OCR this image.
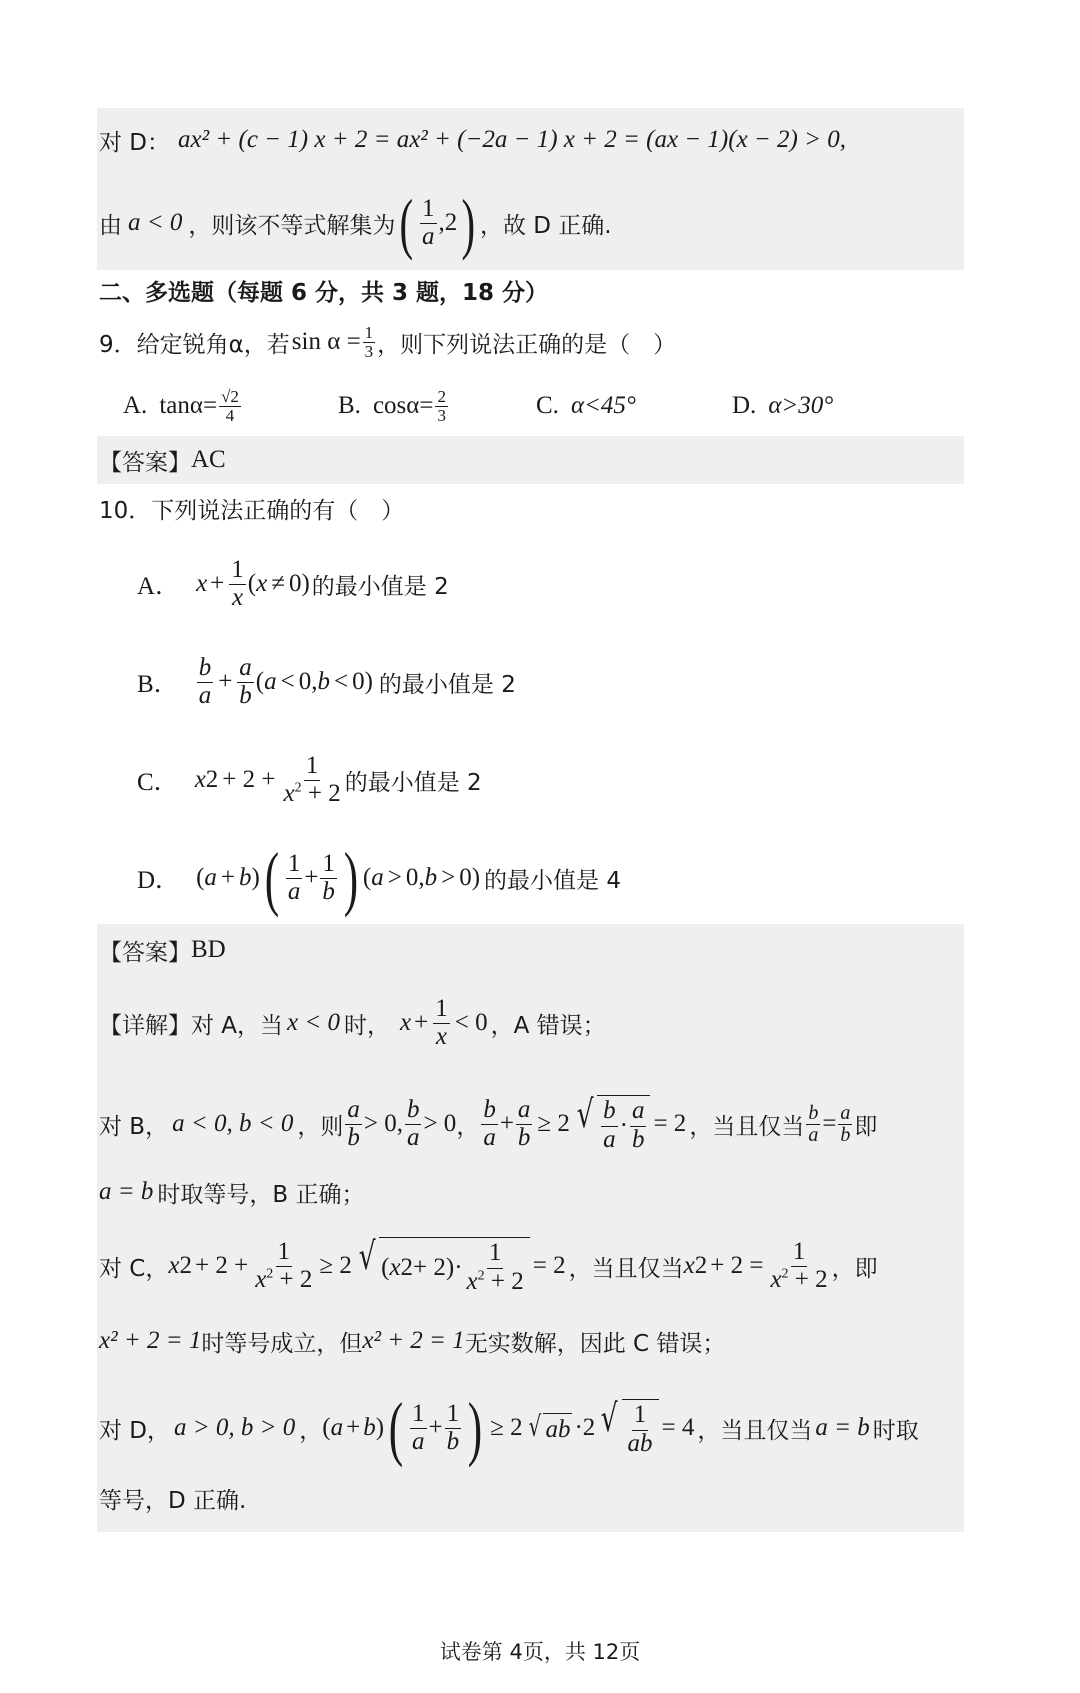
对 D： ax² + (c − 1) x + 2 = ax² + (−2a − 1) x + 2 = (ax − 1)(x − 2) > 0,
由 a < 0 ，则该不等式解集为 ( $\frac{1}{a} ,2$ ) ，故 D 正确.
二、多选题（每题 6 分，共 3 题，18 分）
9．给定锐角α，若 $\sin \alpha = \frac{1}{3}$ ，则下列说法正确的是（　）
A. $\tan\alpha= \frac{√2}{4}$	B. $\cos\alpha= \frac{2}{3}$	C. α<45°	D. α>30°
【答案】 AC
10．下列说法正确的有（　）
A． $x + \frac{1}{x}$ ( x ≠ 0) 的最小值是 2
B． $\frac{b}{a} + \frac{a}{b}$ ( a < 0, b < 0) 的最小值是 2
C． x $2 + 2 + \frac{1}{x^2 + 2}$ 的最小值是 2
D． ( a + b ) ( $\frac{1}{a} + \frac{1}{b}$ ) ( a > 0, b > 0) 的最小值是 4
【答案】 BD
【详解】 对 A，当 x < 0 时， $x + \frac{1}{x} < 0$ ，A 错误；
对 B， a < 0, b < 0 ，则 $\frac{a}{b} > 0$, $\frac{b}{a} > 0$ ， $\frac{b}{a} + \frac{a}{b} \ge 2$ √ $\frac{b}{a} \cdot \frac{a}{b} = 2$ ，当且仅当 $\frac{b}{a} = \frac{a}{b}$ 即
a = b 时取等号，B 正确；
对 C， x $2 + 2 + \frac{1}{x^2 + 2} \ge 2$ √ ( x $2 + 2)\cdot \frac{1}{x^2 + 2} = 2$ ，当且仅当 x $2 + 2 = \frac{1}{x^2 + 2}$ ，即
x² + 2 = 1 时等号成立，但 x² + 2 = 1 无实数解，因此 C 错误；
对 D， a > 0, b > 0 ， ( a + b ) ( $\frac{1}{a} + \frac{1}{b}$ ) ≥ 2 √ ab ·2 √ $\frac{1}{ab} = 4$ ，当且仅当 a = b 时取
等号，D 正确.
试卷第 4页，共 12页
